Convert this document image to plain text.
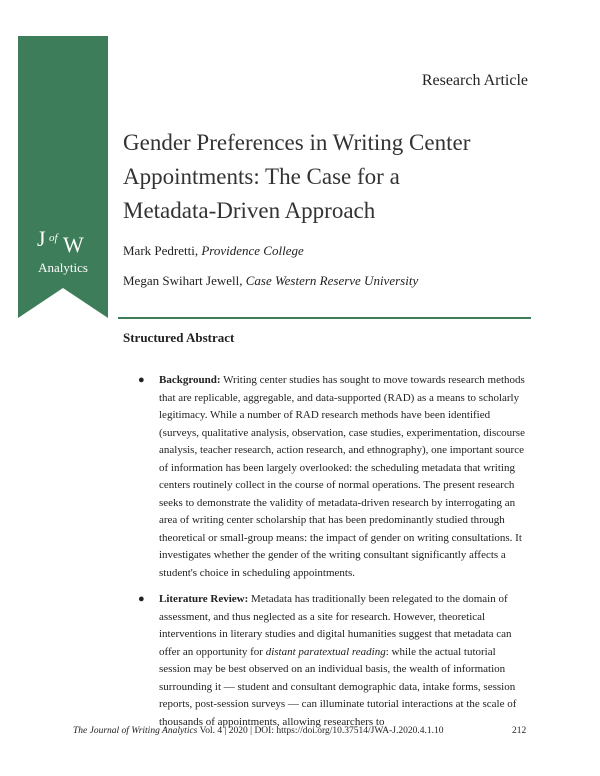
J of W
Analytics
Research Article
Gender Preferences in Writing Center
Appointments: The Case for a
Metadata-Driven Approach
Mark Pedretti, Providence College
Megan Swihart Jewell, Case Western Reserve University
Structured Abstract
● Background: Writing center studies has sought to move towards research methods that are replicable, aggregable, and data-supported (RAD) as a means to scholarly legitimacy. While a number of RAD research methods have been identified (surveys, qualitative analysis, observation, case studies, experimentation, discourse analysis, teacher research, action research, and ethnography), one important source of information has been largely overlooked: the scheduling metadata that writing centers routinely collect in the course of normal operations. The present research seeks to demonstrate the validity of metadata-driven research by interrogating an area of writing center scholarship that has been predominantly studied through theoretical or small-group means: the impact of gender on writing consultations. It investigates whether the gender of the writing consultant significantly affects a student's choice in scheduling appointments.
● Literature Review: Metadata has traditionally been relegated to the domain of assessment, and thus neglected as a site for research. However, theoretical interventions in literary studies and digital humanities suggest that metadata can offer an opportunity for distant paratextual reading: while the actual tutorial session may be best observed on an individual basis, the wealth of information surrounding it — student and consultant demographic data, intake forms, session reports, post-session surveys — can illuminate tutorial interactions at the scale of thousands of appointments, allowing researchers to
The Journal of Writing Analytics Vol. 4 | 2020 | DOI: https://doi.org/10.37514/JWA-J.2020.4.1.10	212
